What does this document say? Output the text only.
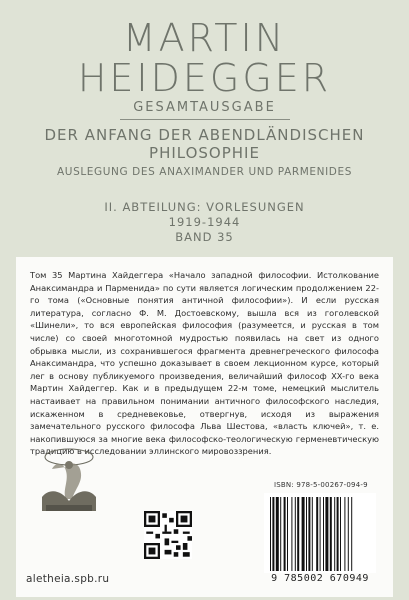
MARTIN
HEIDEGGER
GESAMTAUSGABE
DER ANFANG DER ABENDLÄNDISCHEN
PHILOSOPHIE
AUSLEGUNG DES ANAXIMANDER UND PARMENIDES
II. ABTEILUNG: VORLESUNGEN
1919-1944
BAND 35
Том 35 Мартина Хайдеггера «Начало западной философии. Истолкование Анаксимандра и Парменида» по сути является логическим продолжением 22-го тома («Основные понятия античной философии»). И если русская литература, согласно Ф. М. Достоевскому, вышла вся из гоголевской «Шинели», то вся европейская философия (разумеется, и русская в том числе) со своей многотомной мудростью появилась на свет из одного обрывка мысли, из сохранившегося фрагмента древнегреческого философа Анаксимандра, что успешно доказывает в своем лекционном курсе, который лег в основу публикуемого произведения, величайший философ XX-го века Мартин Хайдеггер. Как и в предыдущем 22-м томе, немецкий мыслитель настаивает на правильном понимании античного философского наследия, искаженном в средневековье, отвергнув, исходя из выражения замечательного русского философа Льва Шестова, «власть ключей», т. е. накопившуюся за многие века философско-теологическую герменевтическую традицию в исследовании эллинского мировоззрения.
aletheia.spb.ru
ISBN: 978-5-00267-094-9
9 785002 670949
